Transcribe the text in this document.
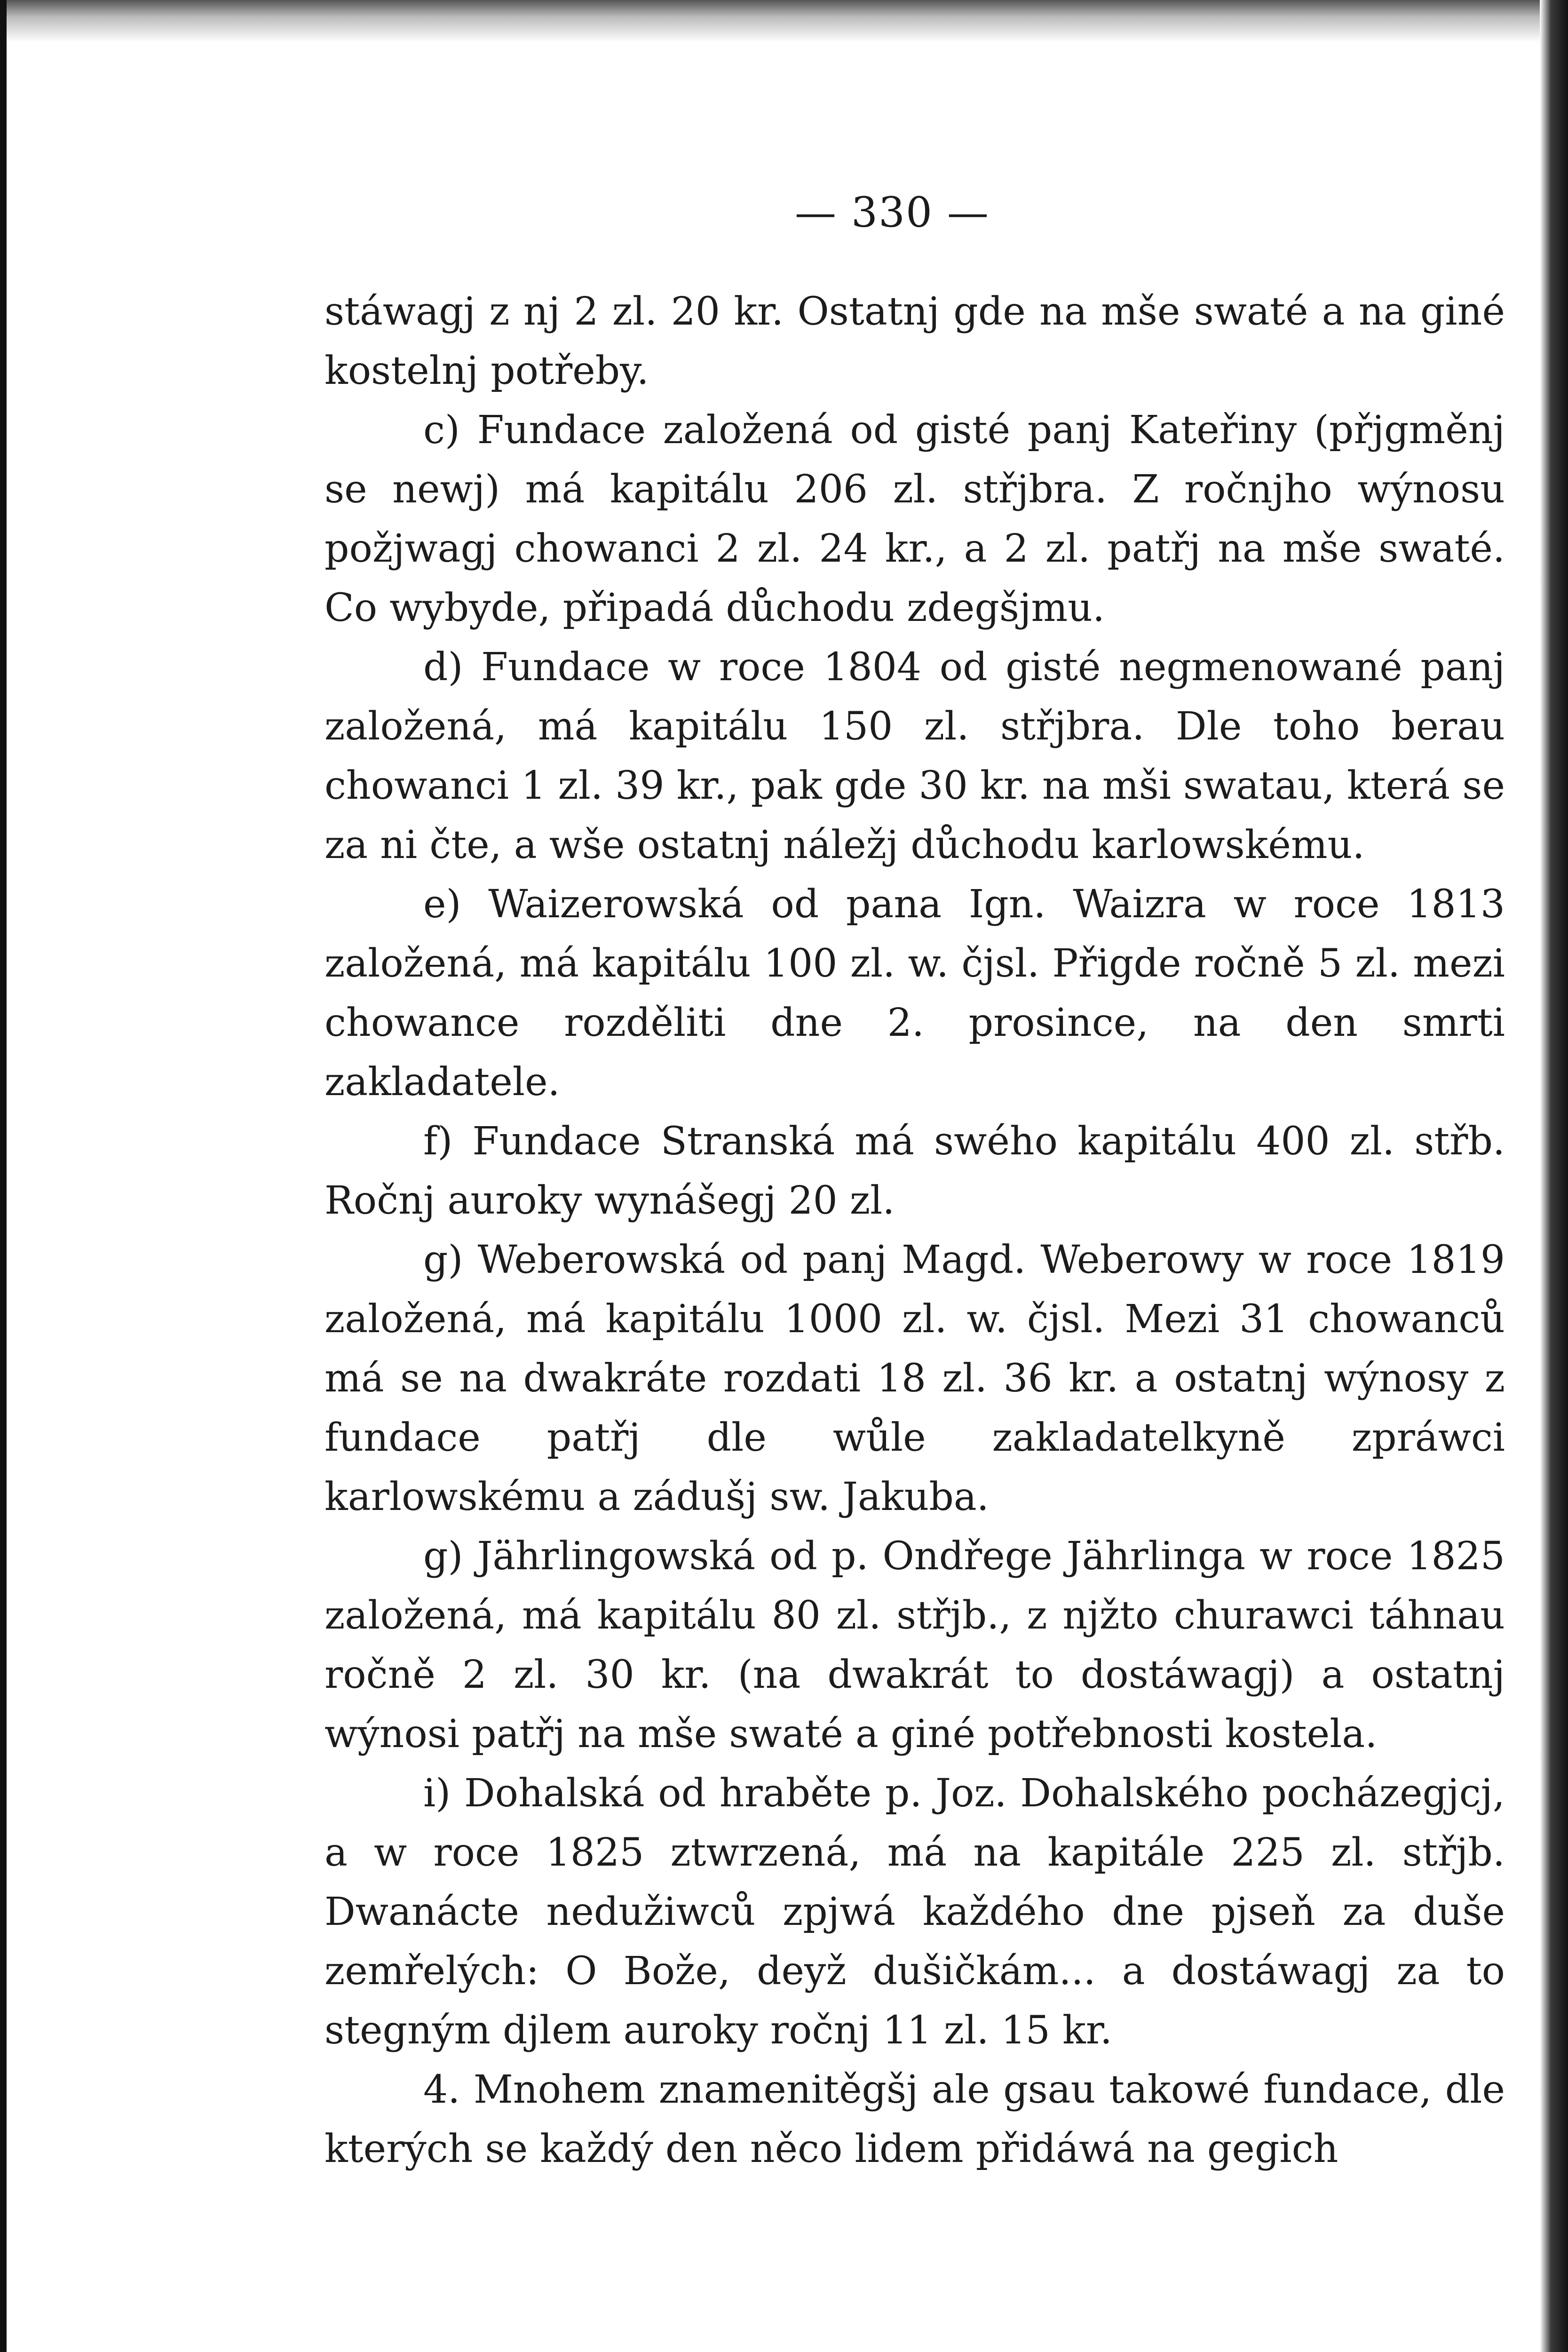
— 330 —

stáwagj z nj 2 zl. 20 kr. Ostatnj gde na mše swaté a na giné kostelnj potřeby.

c) Fundace založená od gisté panj Kateřiny (přjgměnj se newj) má kapitálu 206 zl. střjbra. Z ročnjho wýnosu požjwagj chowanci 2 zl. 24 kr., a 2 zl. patřj na mše swaté. Co wybyde, připadá důchodu zdegšjmu.

d) Fundace w roce 1804 od gisté negmenowané panj založená, má kapitálu 150 zl. střjbra. Dle toho berau chowanci 1 zl. 39 kr., pak gde 30 kr. na mši swatau, která se za ni čte, a wše ostatnj náležj důchodu karlowskému.

e) Waizerowská od pana Ign. Waizra w roce 1813 založená, má kapitálu 100 zl. w. čjsl. Přigde ročně 5 zl. mezi chowance rozděliti dne 2. prosince, na den smrti zakladatele.

f) Fundace Stranská má swého kapitálu 400 zl. střb. Ročnj auroky wynášegj 20 zl.

g) Weberowská od panj Magd. Weberowy w roce 1819 založená, má kapitálu 1000 zl. w. čjsl. Mezi 31 chowanců má se na dwakráte rozdati 18 zl. 36 kr. a ostatnj wýnosy z fundace patřj dle wůle zakladatelkyně zpráwci karlowskému a zádušj sw. Jakuba.

g) Jährlingowská od p. Ondřege Jährlinga w roce 1825 založená, má kapitálu 80 zl. střjb., z njžto churawci táhnau ročně 2 zl. 30 kr. (na dwakrát to dostáwagj) a ostatnj wýnosi patřj na mše swaté a giné potřebnosti kostela.

i) Dohalská od hraběte p. Joz. Dohalského pocházegjcj, a w roce 1825 ztwrzená, má na kapitále 225 zl. střjb. Dwanácte nedužiwců zpjwá každého dne pjseň za duše zemřelých: O Bože, deyž dušičkám... a dostáwagj za to stegným djlem auroky ročnj 11 zl. 15 kr.

4. Mnohem znamenitěgšj ale gsau takowé fundace, dle kterých se každý den něco lidem přidáwá na gegich
